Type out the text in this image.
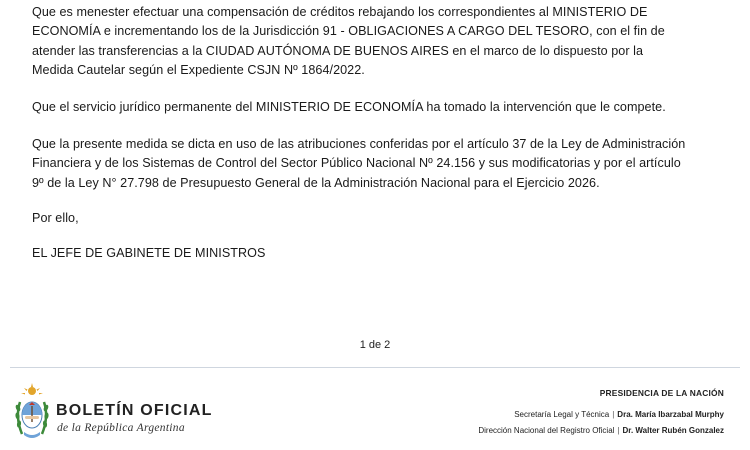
Que es menester efectuar una compensación de créditos rebajando los correspondientes al MINISTERIO DE
ECONOMÍA e incrementando los de la Jurisdicción 91 - OBLIGACIONES A CARGO DEL TESORO, con el fin de
atender las transferencias a la CIUDAD AUTÓNOMA DE BUENOS AIRES en el marco de lo dispuesto por la
Medida Cautelar según el Expediente CSJN Nº 1864/2022.

Que el servicio jurídico permanente del MINISTERIO DE ECONOMÍA ha tomado la intervención que le compete.

Que la presente medida se dicta en uso de las atribuciones conferidas por el artículo 37 de la Ley de Administración
Financiera y de los Sistemas de Control del Sector Público Nacional Nº 24.156 y sus modificatorias y por el artículo
9º de la Ley N° 27.798 de Presupuesto General de la Administración Nacional para el Ejercicio 2026.

Por ello,

EL JEFE DE GABINETE DE MINISTROS

1 de 2
BOLETÍN OFICIAL
de la República Argentina
PRESIDENCIA DE LA NACIÓN
Secretaría Legal y Técnica | Dra. María Ibarzabal Murphy
Dirección Nacional del Registro Oficial | Dr. Walter Rubén Gonzalez
